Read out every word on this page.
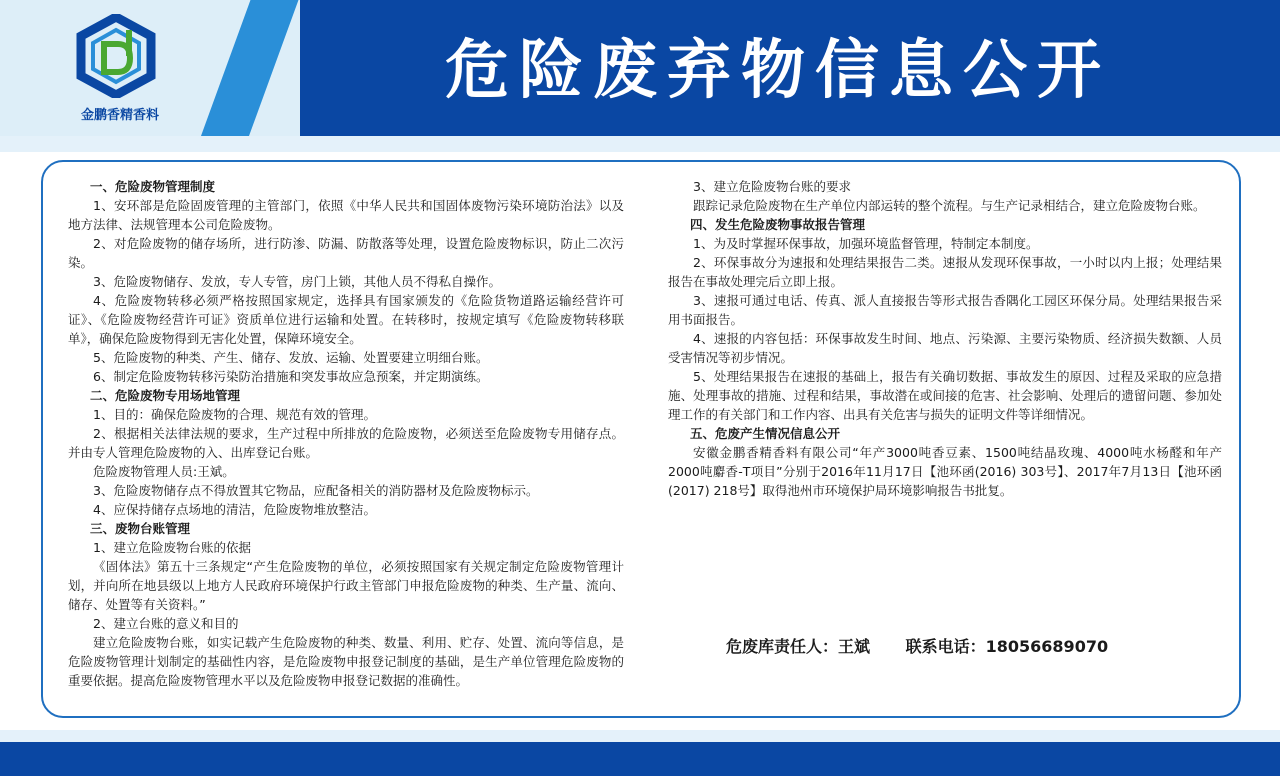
金鹏香精香料
危险废弃物信息公开

一、危险废物管理制度

1、安环部是危险固废管理的主管部门，依照《中华人民共和国固体废物污染环境防治法》以及地方法律、法规管理本公司危险废物。

2、对危险废物的储存场所，进行防渗、防漏、防散落等处理，设置危险废物标识，防止二次污染。

3、危险废物储存、发放，专人专管，房门上锁，其他人员不得私自操作。

4、危险废物转移必须严格按照国家规定，选择具有国家颁发的《危险货物道路运输经营许可证》、《危险废物经营许可证》资质单位进行运输和处置。在转移时，按规定填写《危险废物转移联单》，确保危险废物得到无害化处置，保障环境安全。

5、危险废物的种类、产生、储存、发放、运输、处置要建立明细台账。

6、制定危险废物转移污染防治措施和突发事故应急预案，并定期演练。

二、危险废物专用场地管理

1、目的：确保危险废物的合理、规范有效的管理。

2、根据相关法律法规的要求，生产过程中所排放的危险废物，必须送至危险废物专用储存点。并由专人管理危险废物的入、出库登记台账。

危险废物管理人员:王斌。

3、危险废物储存点不得放置其它物品，应配备相关的消防器材及危险废物标示。

4、应保持储存点场地的清洁，危险废物堆放整洁。

三、废物台账管理

1、建立危险废物台账的依据

《固体法》第五十三条规定“产生危险废物的单位，必须按照国家有关规定制定危险废物管理计划，并向所在地县级以上地方人民政府环境保护行政主管部门申报危险废物的种类、生产量、流向、储存、处置等有关资料。”

2、建立台账的意义和目的

建立危险废物台账，如实记载产生危险废物的种类、数量、利用、贮存、处置、流向等信息，是危险废物管理计划制定的基础性内容，是危险废物申报登记制度的基础，是生产单位管理危险废物的重要依据。提高危险废物管理水平以及危险废物申报登记数据的准确性。

3、建立危险废物台账的要求

跟踪记录危险废物在生产单位内部运转的整个流程。与生产记录相结合，建立危险废物台账。

四、发生危险废物事故报告管理

1、为及时掌握环保事故，加强环境监督管理，特制定本制度。

2、环保事故分为速报和处理结果报告二类。速报从发现环保事故，一小时以内上报；处理结果报告在事故处理完后立即上报。

3、速报可通过电话、传真、派人直接报告等形式报告香隅化工园区环保分局。处理结果报告采用书面报告。

4、速报的内容包括：环保事故发生时间、地点、污染源、主要污染物质、经济损失数额、人员受害情况等初步情况。

5、处理结果报告在速报的基础上，报告有关确切数据、事故发生的原因、过程及采取的应急措施、处理事故的措施、过程和结果，事故潜在或间接的危害、社会影响、处理后的遗留问题、参加处理工作的有关部门和工作内容、出具有关危害与损失的证明文件等详细情况。

五、危废产生情况信息公开

安徽金鹏香精香料有限公司“年产3000吨香豆素、1500吨结晶玫瑰、4000吨水杨醛和年产2000吨麝香-T项目”分别于2016年11月17日【池环函(2016) 303号】、2017年7月13日【池环函(2017) 218号】取得池州市环境保护局环境影响报告书批复。

危废库责任人：王斌 联系电话：18056689070
